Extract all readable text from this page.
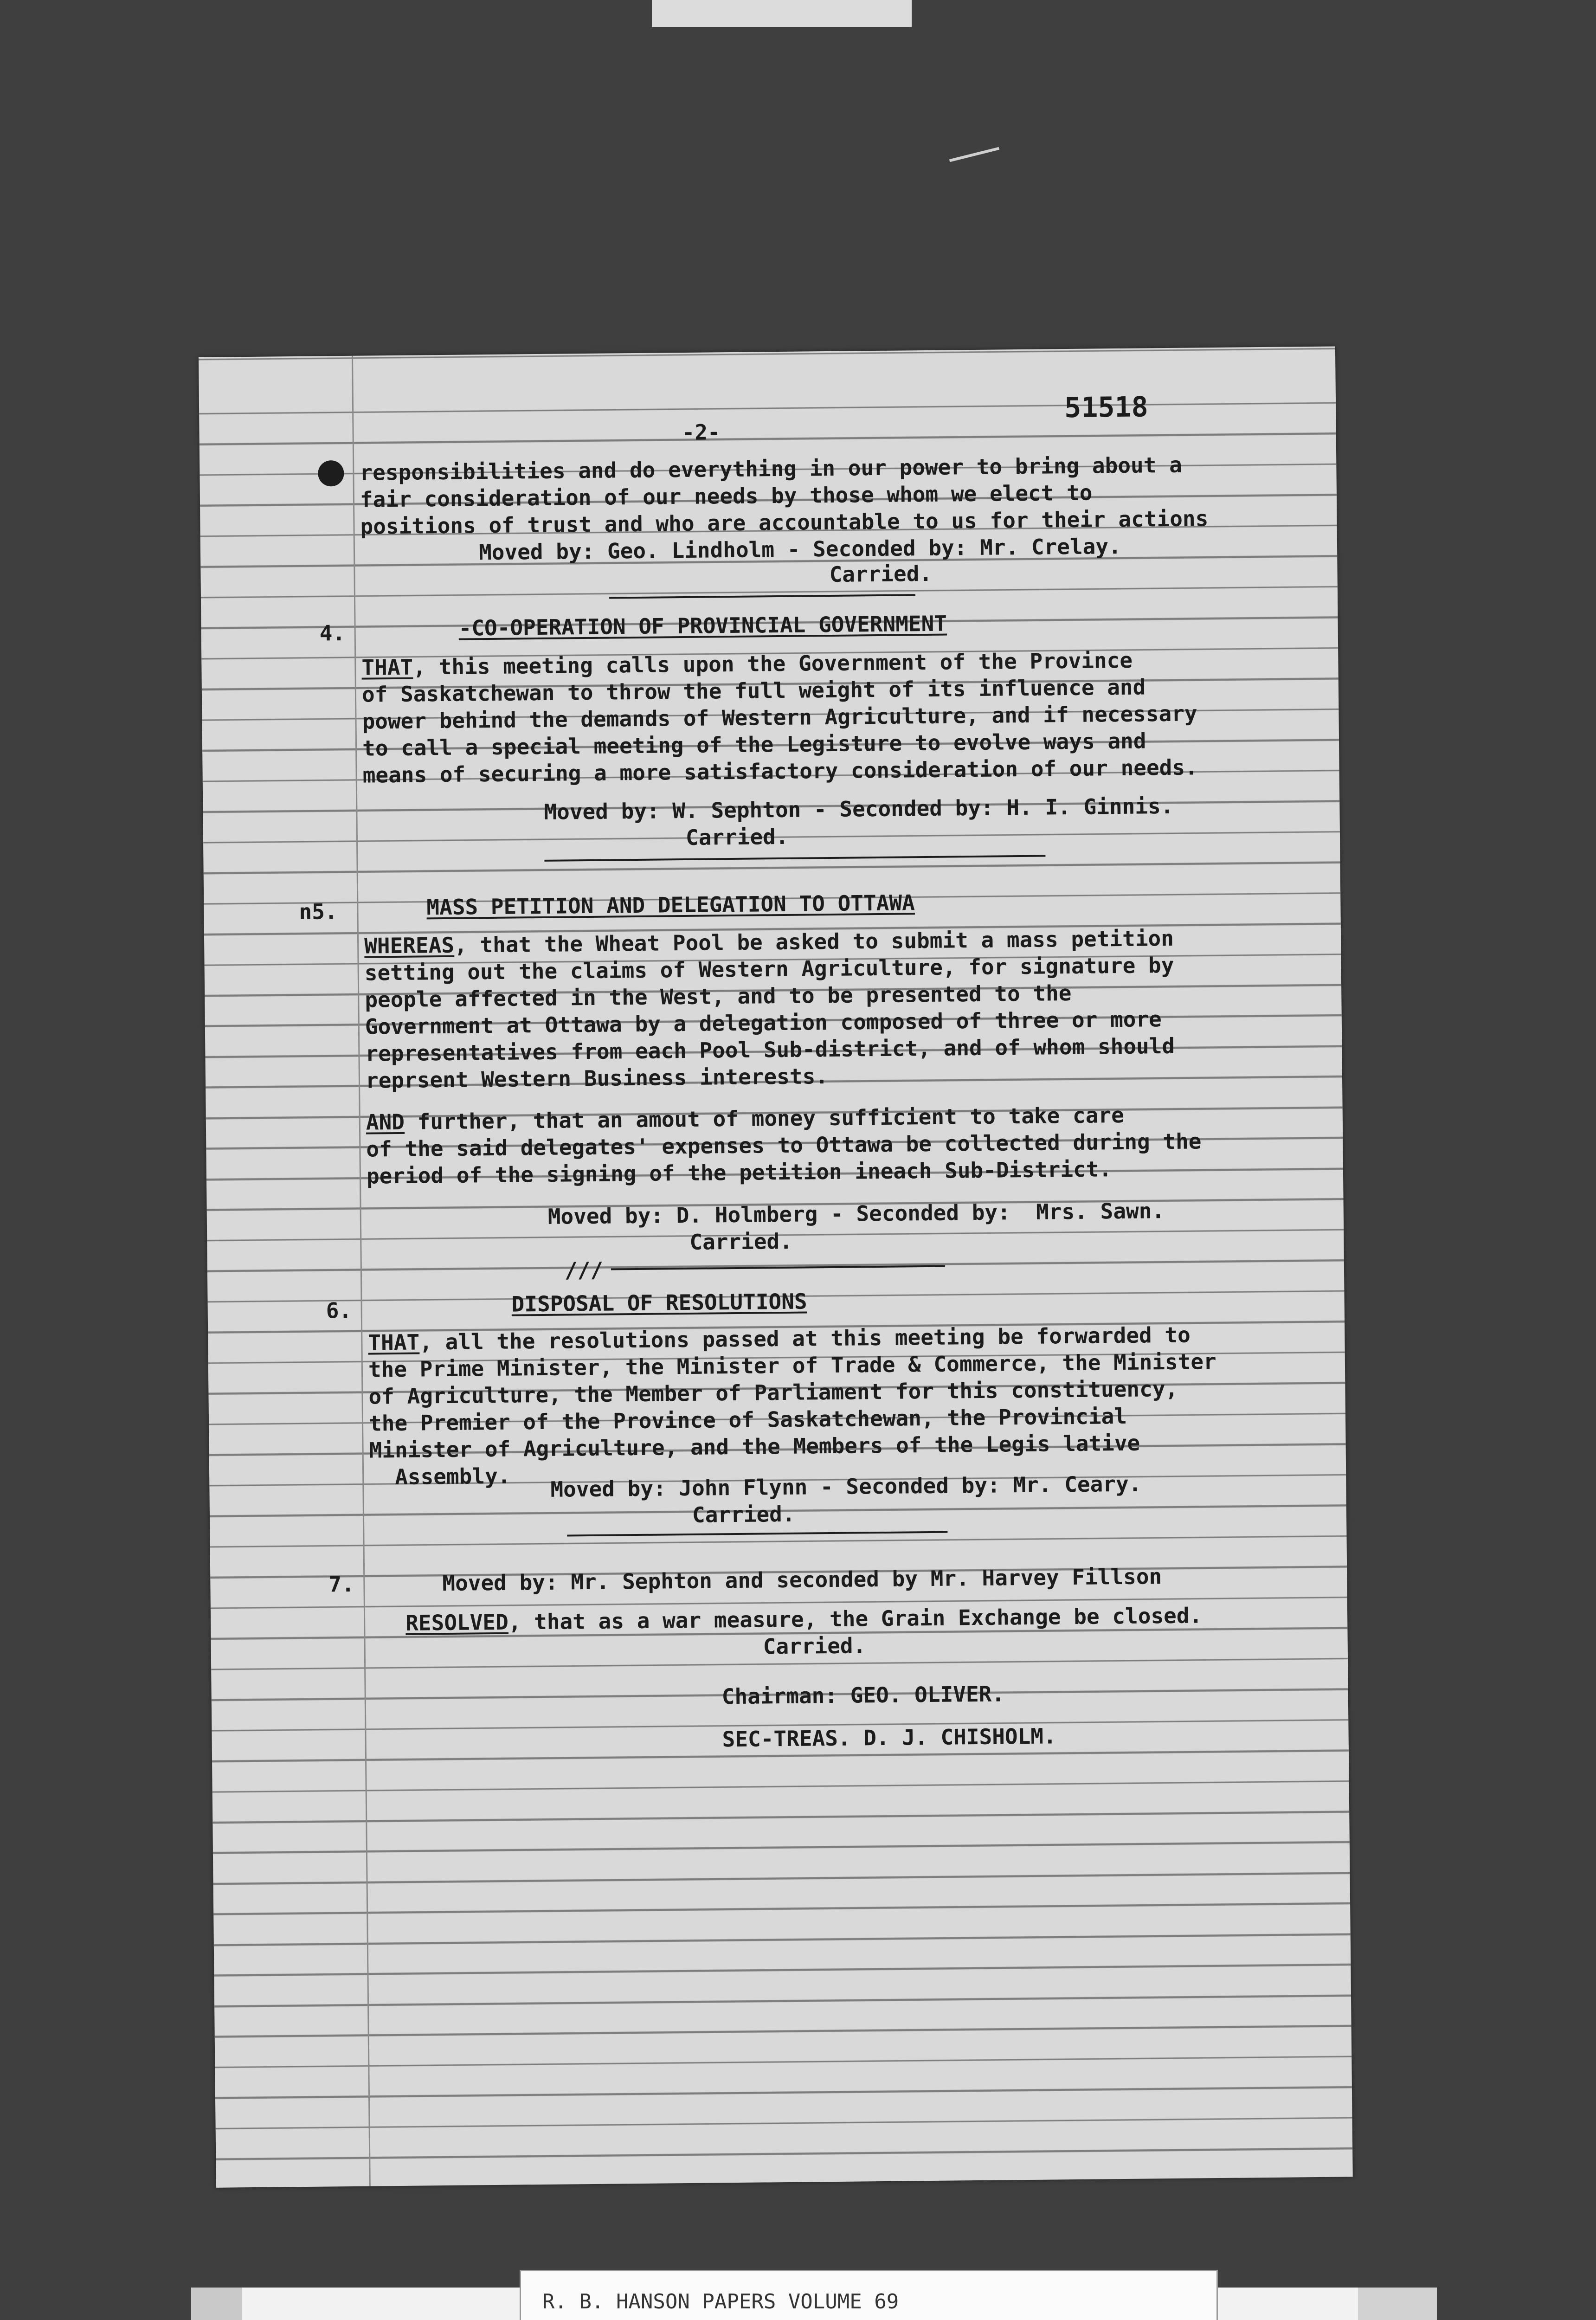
-2-

51518

responsibilities and do everything in our power to bring about a

fair consideration of our needs by those whom we elect to

positions of trust and who are accountable to us for their actions

Moved by: Geo. Lindholm - Seconded by: Mr. Crelay.

Carried.

4.	-CO-OPERATION OF PROVINCIAL GOVERNMENT

THAT, this meeting calls upon the Government of the Province

of Saskatchewan to throw the full weight of its influence and

power behind the demands of Western Agriculture, and if necessary

to call a special meeting of the Legisture to evolve ways and

means of securing a more satisfactory consideration of our needs.

Moved by: W. Sephton - Seconded by: H. I. Ginnis.

Carried.

n5.	MASS PETITION AND DELEGATION TO OTTAWA

WHEREAS, that the Wheat Pool be asked to submit a mass petition

setting out the claims of Western Agriculture, for signature by

people affected in the West, and to be presented to the

Government at Ottawa by a delegation composed of three or more

representatives from each Pool Sub-district, and of whom should

reprsent Western Business interests.

AND further, that an amout of money sufficient to take care

of the said delegates' expenses to Ottawa be collected during the

period of the signing of the petition ineach Sub-District.

Moved by: D. Holmberg - Seconded by:  Mrs. Sawn.

Carried.

///

6.	DISPOSAL OF RESOLUTIONS

THAT, all the resolutions passed at this meeting be forwarded to

the Prime Minister, the Minister of Trade & Commerce, the Minister

of Agriculture, the Member of Parliament for this constituency,

the Premier of the Province of Saskatchewan, the Provincial

Minister of Agriculture, and the Members of the Legis lative

Assembly. Moved by: John Flynn - Seconded by: Mr. Ceary.

Carried.

7.	Moved by: Mr. Sephton and seconded by Mr. Harvey Fillson

RESOLVED, that as a war measure, the Grain Exchange be closed.

Carried.

Chairman: GEO. OLIVER.

SEC-TREAS. D. J. CHISHOLM.

R. B. HANSON PAPERS VOLUME 69
